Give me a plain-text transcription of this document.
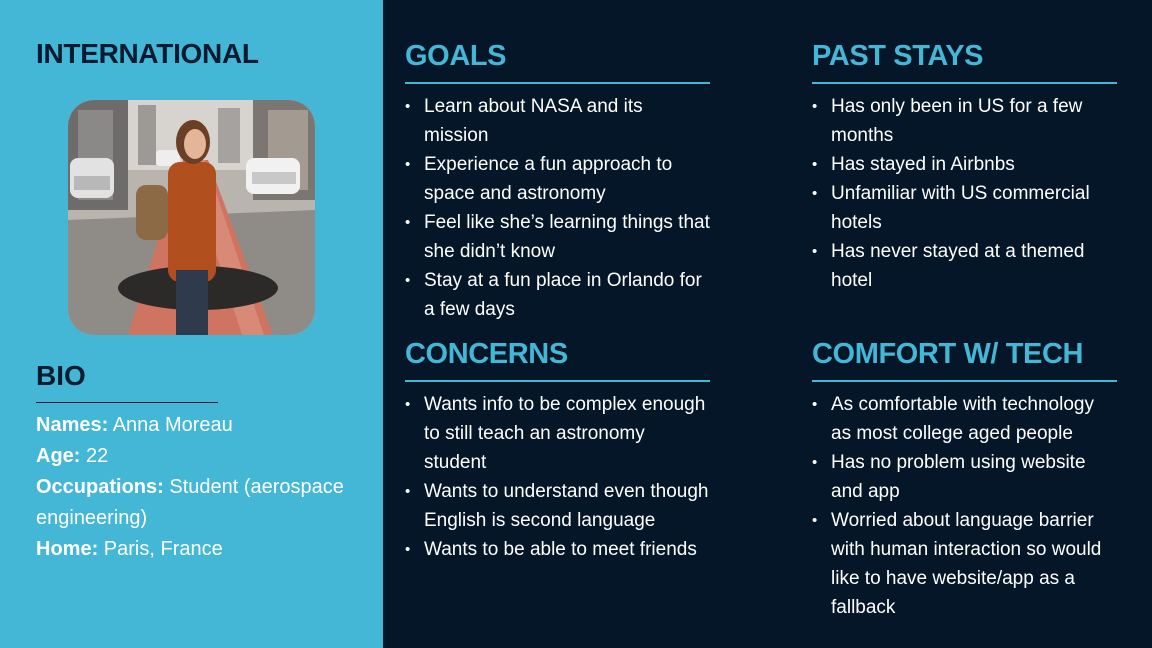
INTERNATIONAL
BIO
Names: Anna Moreau
Age: 22
Occupations: Student (aerospace engineering)
Home: Paris, France
GOALS
• Learn about NASA and its mission
• Experience a fun approach to space and astronomy
• Feel like she’s learning things that she didn’t know
• Stay at a fun place in Orlando for a few days
PAST STAYS
• Has only been in US for a few months
• Has stayed in Airbnbs
• Unfamiliar with US commercial hotels
• Has never stayed at a themed hotel
CONCERNS
• Wants info to be complex enough to still teach an astronomy student
• Wants to understand even though English is second language
• Wants to be able to meet friends
COMFORT W/ TECH
• As comfortable with technology as most college aged people
• Has no problem using website and app
• Worried about language barrier with human interaction so would like to have website/app as a fallback
